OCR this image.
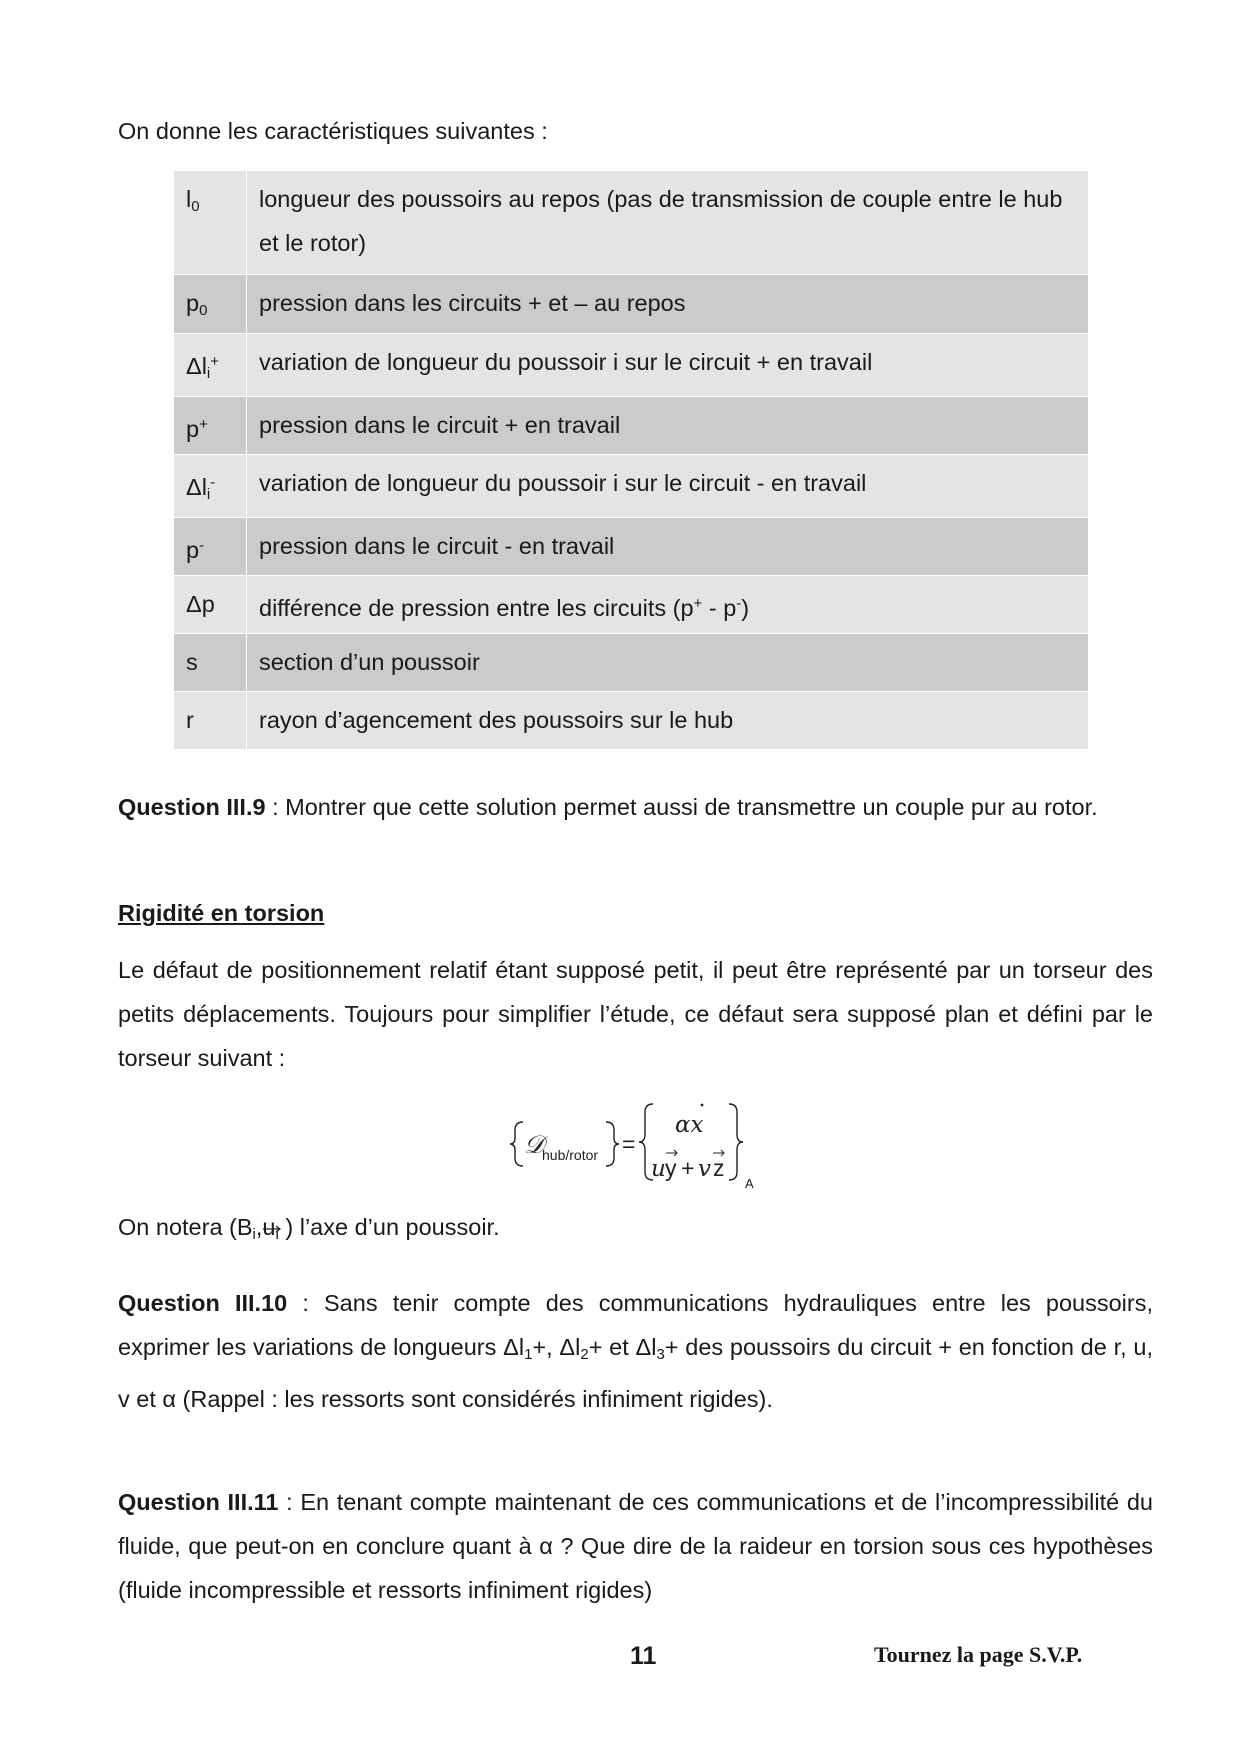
On donne les caractéristiques suivantes :

$l_0$	longueur des poussoirs au repos (pas de transmission de couple entre le hub et le rotor)
$p_0$	pression dans les circuits + et – au repos
$\Delta l_i^+$	variation de longueur du poussoir i sur le circuit + en travail
p+	pression dans le circuit + en travail
$\Delta l_i^-$	variation de longueur du poussoir i sur le circuit - en travail
p-	pression dans le circuit - en travail
Δp	différence de pression entre les circuits (p+ - p-)
s	section d’un poussoir
r	rayon d’agencement des poussoirs sur le hub

Question III.9 : Montrer que cette solution permet aussi de transmettre un couple pur au rotor.

Rigidité en torsion

Le défaut de positionnement relatif étant supposé petit, il peut être représenté par un torseur des petits déplacements. Toujours pour simplifier l’étude, ce défaut sera supposé plan et défini par le torseur suivant :

𝒟
hub/rotor =
αx
u y + v z
A

On notera ($B_i$,
$u_i$ ) l’axe d’un poussoir.

Question III.10 : Sans tenir compte des communications hydrauliques entre les poussoirs, exprimer les variations de longueurs $\Delta l_1+$, $\Delta l_2+$ et $\Delta l_3+$ des poussoirs du circuit + en fonction de r, u, v et α (Rappel : les ressorts sont considérés infiniment rigides).

Question III.11 : En tenant compte maintenant de ces communications et de l’incompressibilité du fluide, que peut-on en conclure quant à α ? Que dire de la raideur en torsion sous ces hypothèses (fluide incompressible et ressorts infiniment rigides)

11	Tournez la page S.V.P.
